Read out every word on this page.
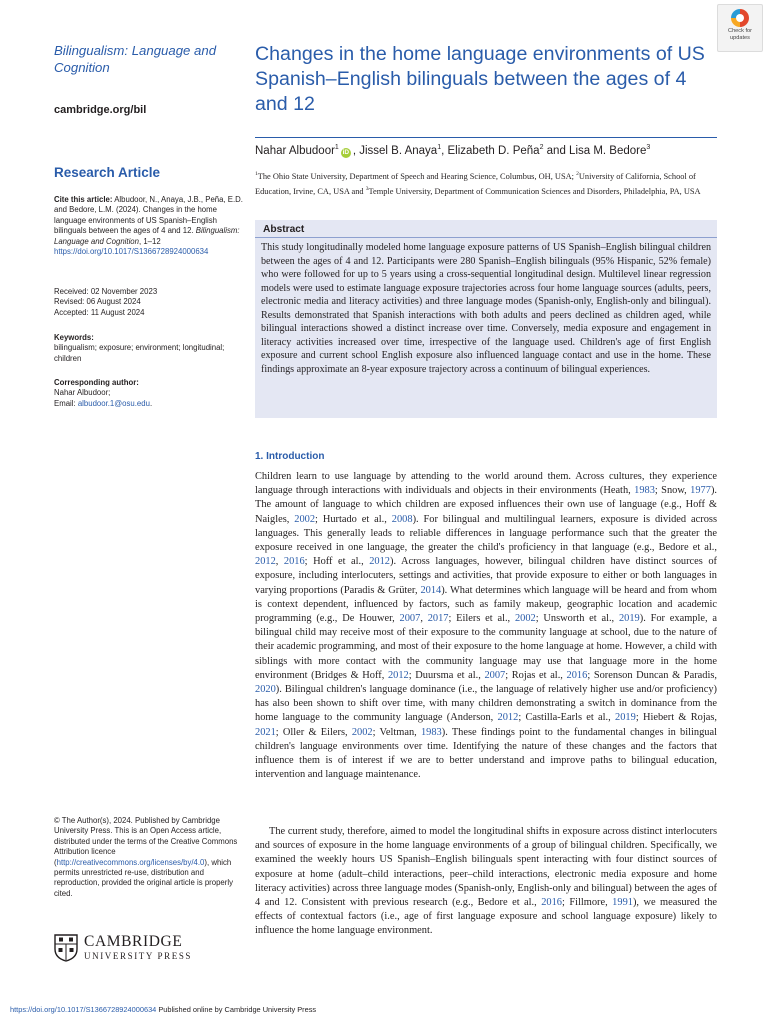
Check for
updates
Bilingualism: Language and
Cognition
cambridge.org/bil
Research Article
Cite this article: Albudoor, N., Anaya, J.B., Peña, E.D. and Bedore, L.M. (2024). Changes in the home language environments of US Spanish–English bilinguals between the ages of 4 and 12. Bilingualism: Language and Cognition, 1–12
https://doi.org/10.1017/S1366728924000634
Received: 02 November 2023
Revised: 06 August 2024
Accepted: 11 August 2024
Keywords:
bilingualism; exposure; environment; longitudinal; children
Corresponding author:
Nahar Albudoor;
Email: albudoor.1@osu.edu.
© The Author(s), 2024. Published by Cambridge University Press. This is an Open Access article, distributed under the terms of the Creative Commons Attribution licence (http://creativecommons.org/licenses/by/4.0), which permits unrestricted re-use, distribution and reproduction, provided the original article is properly cited.
CAMBRIDGE
UNIVERSITY PRESS
Changes in the home language environments of US Spanish–English bilinguals between the ages of 4 and 12
Nahar Albudoor$^1$iD , Jissel B. Anaya$^1$, Elizabeth D. Peña$^2$ and Lisa M. Bedore$^3$
$^1$The Ohio State University, Department of Speech and Hearing Science, Columbus, OH, USA; $^2$University of California, School of Education, Irvine, CA, USA and $^3$Temple University, Department of Communication Sciences and Disorders, Philadelphia, PA, USA
Abstract
This study longitudinally modeled home language exposure patterns of US Spanish–English bilingual children between the ages of 4 and 12. Participants were 280 Spanish–English bilinguals (95% Hispanic, 52% female) who were followed for up to 5 years using a cross-sequential longitudinal design. Multilevel linear regression models were used to estimate language exposure trajectories across four home language sources (adults, peers, electronic media and literacy activities) and three language modes (Spanish-only, English-only and bilingual). Results demonstrated that Spanish interactions with both adults and peers declined as children aged, while bilingual interactions showed a distinct increase over time. Conversely, media exposure and engagement in literacy activities increased over time, irrespective of the language used. Children's age of first English exposure and current school English exposure also influenced language contact and use in the home. These findings approximate an 8-year exposure trajectory across a continuum of bilingual experiences.
1. Introduction
Children learn to use language by attending to the world around them. Across cultures, they experience language through interactions with individuals and objects in their environments (Heath, 1983; Snow, 1977). The amount of language to which children are exposed influences their own use of language (e.g., Hoff & Naigles, 2002; Hurtado et al., 2008). For bilingual and multilingual learners, exposure is divided across languages. This generally leads to reliable differences in language performance such that the greater the exposure received in one language, the greater the child's proficiency in that language (e.g., Bedore et al., 2012, 2016; Hoff et al., 2012). Across languages, however, bilingual children have distinct sources of exposure, including interlocuters, settings and activities, that provide exposure to either or both languages in varying proportions (Paradis & Grüter, 2014). What determines which language will be heard and from whom is context dependent, influenced by factors, such as family makeup, geographic location and academic programming (e.g., De Houwer, 2007, 2017; Eilers et al., 2002; Unsworth et al., 2019). For example, a bilingual child may receive most of their exposure to the community language at school, due to the nature of their academic programming, and most of their exposure to the home language at home. However, a child with siblings with more contact with the community language may use that language more in the home environment (Bridges & Hoff, 2012; Duursma et al., 2007; Rojas et al., 2016; Sorenson Duncan & Paradis, 2020). Bilingual children's language dominance (i.e., the language of relatively higher use and/or proficiency) has also been shown to shift over time, with many children demonstrating a switch in dominance from the home language to the community language (Anderson, 2012; Castilla-Earls et al., 2019; Hiebert & Rojas, 2021; Oller & Eilers, 2002; Veltman, 1983). These findings point to the fundamental changes in bilingual children's language environments over time. Identifying the nature of these changes and the factors that influence them is of interest if we are to better understand and improve paths to bilingual education, intervention and language maintenance.
The current study, therefore, aimed to model the longitudinal shifts in exposure across distinct interlocuters and sources of exposure in the home language environments of a group of bilingual children. Specifically, we examined the weekly hours US Spanish–English bilinguals spent interacting with four distinct sources of exposure at home (adult–child interactions, peer–child interactions, electronic media exposure and home literacy activities) across three language modes (Spanish-only, English-only and bilingual) between the ages of 4 and 12. Consistent with previous research (e.g., Bedore et al., 2016; Fillmore, 1991), we measured the effects of contextual factors (i.e., age of first language exposure and school language exposure) likely to influence the home language environment.
https://doi.org/10.1017/S1366728924000634 Published online by Cambridge University Press
